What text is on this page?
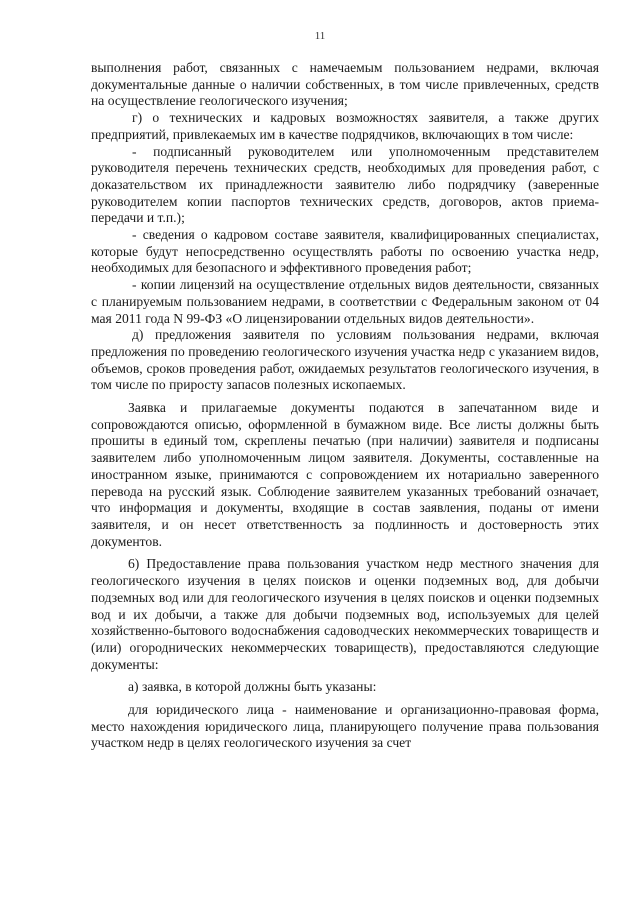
11

выполнения работ, связанных с намечаемым пользованием недрами, включая документальные данные о наличии собственных, в том числе привлеченных, средств на осуществление геологического изучения;

г) о технических и кадровых возможностях заявителя, а также других предприятий, привлекаемых им в качестве подрядчиков, включающих в том числе:

- подписанный руководителем или уполномоченным представителем руководителя перечень технических средств, необходимых для проведения работ, с доказательством их принадлежности заявителю либо подрядчику (заверенные руководителем копии паспортов технических средств, договоров, актов приема-передачи и т.п.);

- сведения о кадровом составе заявителя, квалифицированных специалистах, которые будут непосредственно осуществлять работы по освоению участка недр, необходимых для безопасного и эффективного проведения работ;

- копии лицензий на осуществление отдельных видов деятельности, связанных с планируемым пользованием недрами, в соответствии с Федеральным законом от 04 мая 2011 года N 99-ФЗ «О лицензировании отдельных видов деятельности».

д) предложения заявителя по условиям пользования недрами, включая предложения по проведению геологического изучения участка недр с указанием видов, объемов, сроков проведения работ, ожидаемых результатов геологического изучения, в том числе по приросту запасов полезных ископаемых.

Заявка и прилагаемые документы подаются в запечатанном виде и сопровождаются описью, оформленной в бумажном виде. Все листы должны быть прошиты в единый том, скреплены печатью (при наличии) заявителя и подписаны заявителем либо уполномоченным лицом заявителя. Документы, составленные на иностранном языке, принимаются с сопровождением их нотариально заверенного перевода на русский язык. Соблюдение заявителем указанных требований означает, что информация и документы, входящие в состав заявления, поданы от имени заявителя, и он несет ответственность за подлинность и достоверность этих документов.

6) Предоставление права пользования участком недр местного значения для геологического изучения в целях поисков и оценки подземных вод, для добычи подземных вод или для геологического изучения в целях поисков и оценки подземных вод и их добычи, а также для добычи подземных вод, используемых для целей хозяйственно-бытового водоснабжения садоводческих некоммерческих товариществ и (или) огороднических некоммерческих товариществ), предоставляются следующие документы:

а) заявка, в которой должны быть указаны:

для юридического лица - наименование и организационно-правовая форма, место нахождения юридического лица, планирующего получение права пользования участком недр в целях геологического изучения за счет
